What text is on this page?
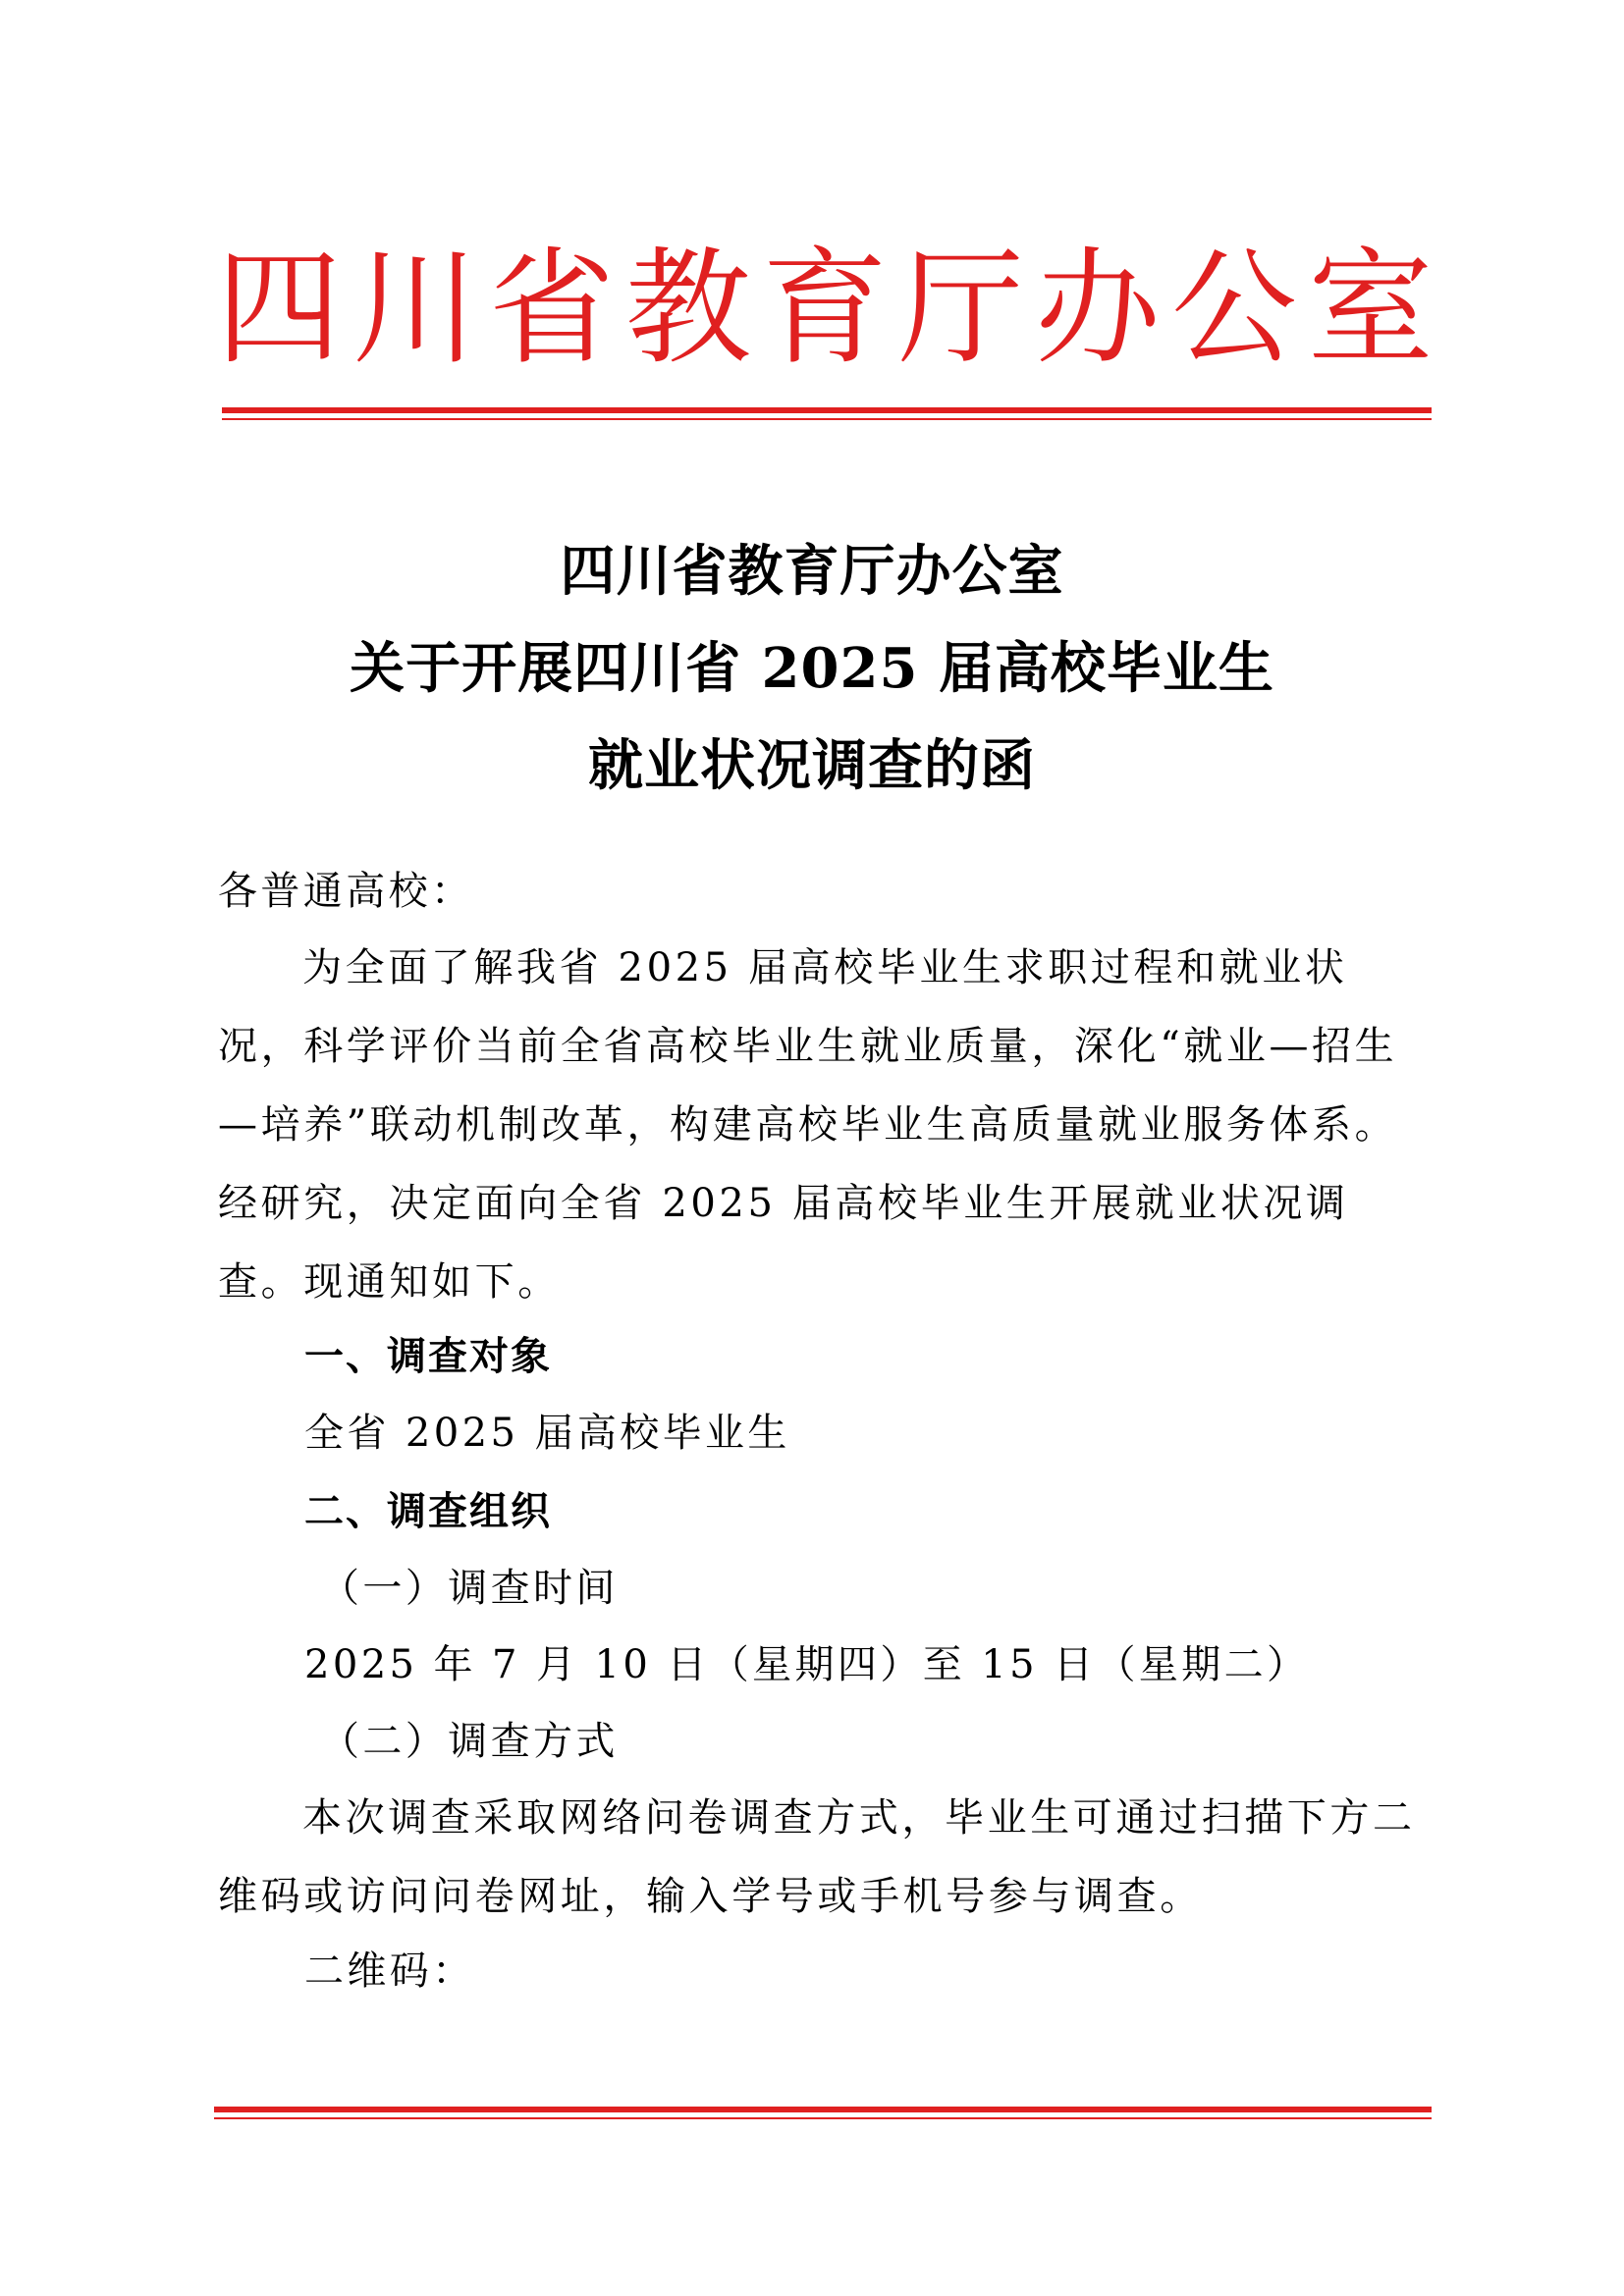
四 川 省 教 育 厅 办 公 室
四川省教育厅办公室
关于开展四川省 2025 届高校毕业生
就业状况调查的函

各普通高校：

为全面了解我省 2025 届高校毕业生求职过程和就业状况，科学评价当前全省高校毕业生就业质量，深化“就业—招生—培养”联动机制改革，构建高校毕业生高质量就业服务体系。经研究，决定面向全省 2025 届高校毕业生开展就业状况调查。现通知如下。

一、调查对象

全省 2025 届高校毕业生

二、调查组织

（一）调查时间

2025 年 7 月 10 日（星期四）至 15 日（星期二）

（二）调查方式

本次调查采取网络问卷调查方式，毕业生可通过扫描下方二维码或访问问卷网址，输入学号或手机号参与调查。

二维码：
